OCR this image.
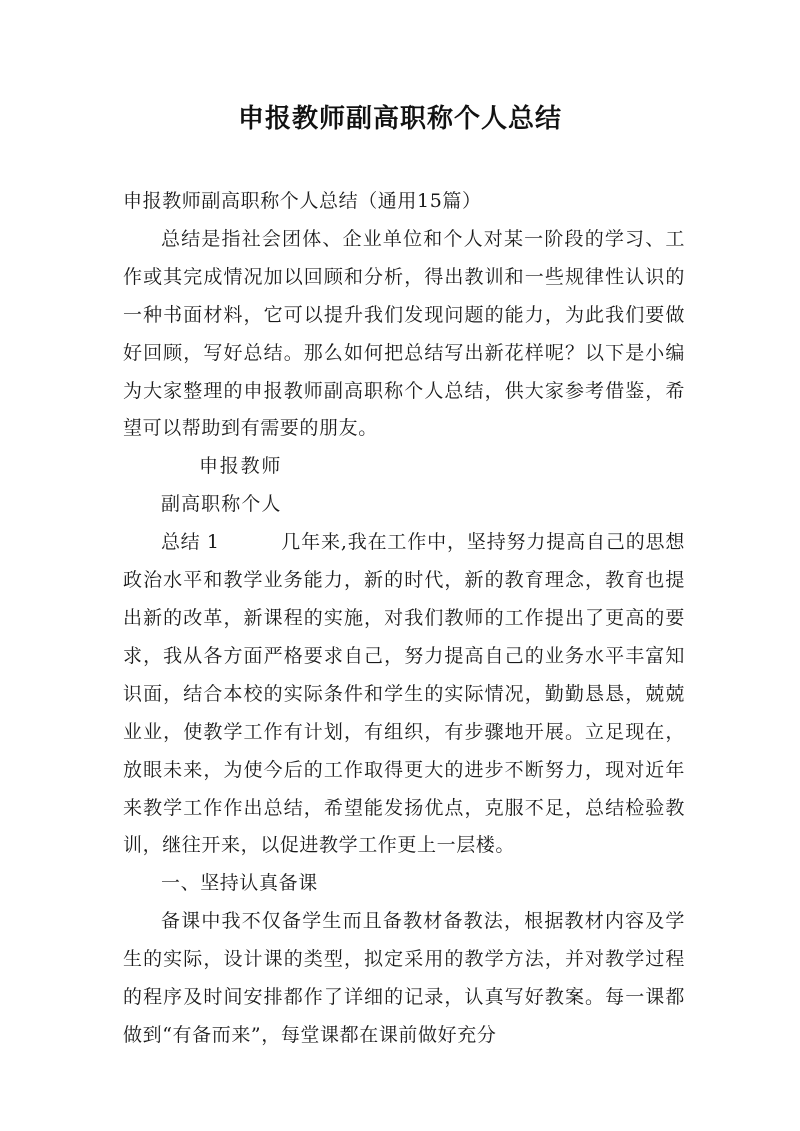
申报教师副高职称个人总结

申报教师副高职称个人总结（通用15篇）

总结是指社会团体、企业单位和个人对某一阶段的学习、工作或其完成情况加以回顾和分析，得出教训和一些规律性认识的一种书面材料，它可以提升我们发现问题的能力，为此我们要做好回顾，写好总结。那么如何把总结写出新花样呢？以下是小编为大家整理的申报教师副高职称个人总结，供大家参考借鉴，希望可以帮助到有需要的朋友。

申报教师副高职称个人总结 1	几年来,我在工作中，坚持努力提高自己的思想政治水平和教学业务能力，新的时代，新的教育理念，教育也提出新的改革，新课程的实施，对我们教师的工作提出了更高的要求，我从各方面严格要求自己，努力提高自己的业务水平丰富知识面，结合本校的实际条件和学生的实际情况，勤勤恳恳，兢兢业业，使教学工作有计划，有组织，有步骤地开展。立足现在，放眼未来，为使今后的工作取得更大的进步不断努力，现对近年来教学工作作出总结，希望能发扬优点，克服不足，总结检验教训，继往开来，以促进教学工作更上一层楼。

一、坚持认真备课

备课中我不仅备学生而且备教材备教法，根据教材内容及学生的实际，设计课的类型，拟定采用的教学方法，并对教学过程的程序及时间安排都作了详细的记录，认真写好教案。每一课都做到“有备而来”，每堂课都在课前做好充分
